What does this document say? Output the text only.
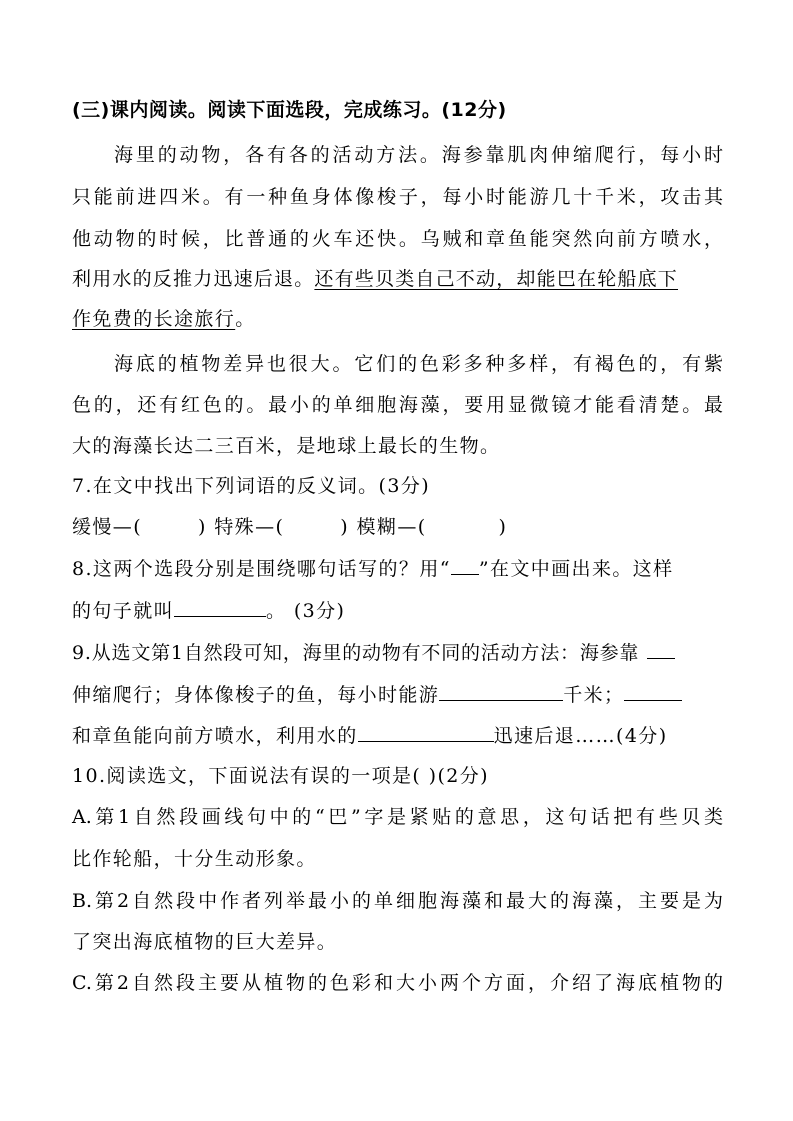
(三)课内阅读。阅读下面选段，完成练习。(12分)
海里的动物，各有各的活动方法。海参靠肌肉伸缩爬行，每小时
只能前进四米。有一种鱼身体像梭子，每小时能游几十千米，攻击其
他动物的时候，比普通的火车还快。乌贼和章鱼能突然向前方喷水，
利用水的反推力迅速后退。还有些贝类自己不动，却能巴在轮船底下
作免费的长途旅行。
海底的植物差异也很大。它们的色彩多种多样，有褐色的，有紫
色的，还有红色的。最小的单细胞海藻，要用显微镜才能看清楚。最
大的海藻长达二三百米，是地球上最长的生物。
7.在文中找出下列词语的反义词。(3分)
缓慢—(	) 特殊—(	) 模糊—(	)
8.这两个选段分别是围绕哪句话写的？用“ ”在文中画出来。这样
的句子就叫	。 (3分)
9.从选文第1自然段可知，海里的动物有不同的活动方法：海参靠
伸缩爬行；身体像梭子的鱼，每小时能游	千米；
和章鱼能向前方喷水，利用水的	迅速后退……(4分)
10.阅读选文，下面说法有误的一项是( )(2分)
A.第1自然段画线句中的“巴”字是紧贴的意思，这句话把有些贝类
比作轮船，十分生动形象。
B.第2自然段中作者列举最小的单细胞海藻和最大的海藻，主要是为
了突出海底植物的巨大差异。
C.第2自然段主要从植物的色彩和大小两个方面，介绍了海底植物的
